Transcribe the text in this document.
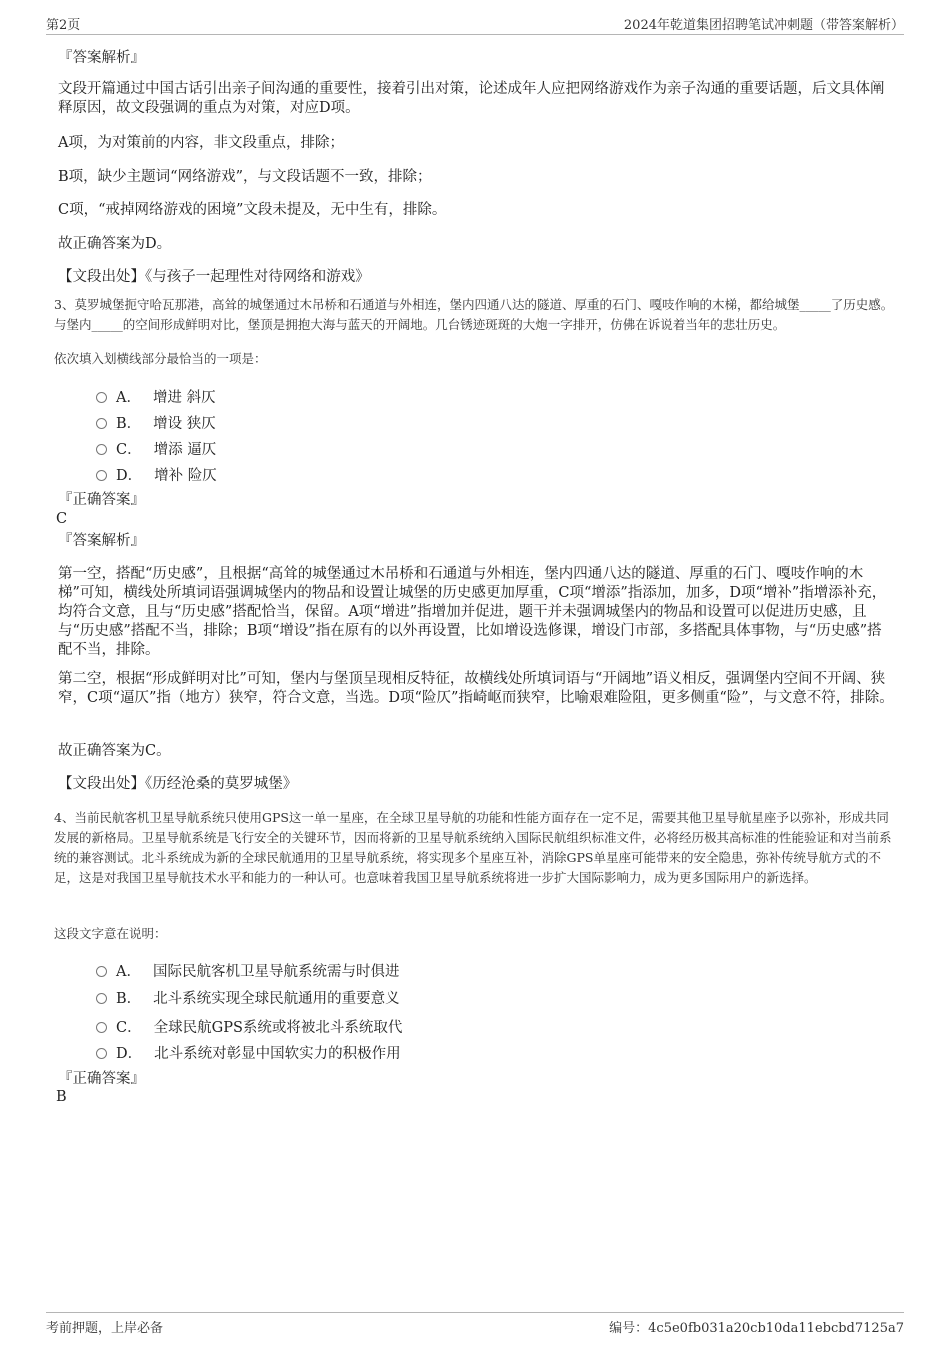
第2页	2024年乾道集团招聘笔试冲刺题（带答案解析）
『答案解析』
文段开篇通过中国古话引出亲子间沟通的重要性，接着引出对策，论述成年人应把网络游戏作为亲子沟通的重要话题，后文具体阐释原因，故文段强调的重点为对策，对应D项。
A项，为对策前的内容，非文段重点，排除；
B项，缺少主题词“网络游戏”，与文段话题不一致，排除；
C项，“戒掉网络游戏的困境”文段未提及，无中生有，排除。
故正确答案为D。
【文段出处】《与孩子一起理性对待网络和游戏》
3、莫罗城堡扼守哈瓦那港，高耸的城堡通过木吊桥和石通道与外相连，堡内四通八达的隧道、厚重的石门、嘎吱作响的木梯，都给城堡_____了历史感。与堡内_____的空间形成鲜明对比，堡顶是拥抱大海与蓝天的开阔地。几台锈迹斑斑的大炮一字排开，仿佛在诉说着当年的悲壮历史。
依次填入划横线部分最恰当的一项是：
A． 增进 斜仄
B． 增设 狭仄
C． 增添 逼仄
D． 增补 险仄
『正确答案』
C
『答案解析』
第一空，搭配“历史感”，且根据“高耸的城堡通过木吊桥和石通道与外相连，堡内四通八达的隧道、厚重的石门、嘎吱作响的木梯”可知，横线处所填词语强调城堡内的物品和设置让城堡的历史感更加厚重，C项“增添”指添加，加多，D项“增补”指增添补充，均符合文意，且与“历史感”搭配恰当，保留。A项“增进”指增加并促进，题干并未强调城堡内的物品和设置可以促进历史感，且与“历史感”搭配不当，排除；B项“增设”指在原有的以外再设置，比如增设选修课，增设门市部，多搭配具体事物，与“历史感”搭配不当，排除。
第二空，根据“形成鲜明对比”可知，堡内与堡顶呈现相反特征，故横线处所填词语与“开阔地”语义相反，强调堡内空间不开阔、狭窄，C项“逼仄”指（地方）狭窄，符合文意，当选。D项“险仄”指崎岖而狭窄，比喻艰难险阻，更多侧重“险”，与文意不符，排除。
故正确答案为C。
【文段出处】《历经沧桑的莫罗城堡》
4、当前民航客机卫星导航系统只使用GPS这一单一星座，在全球卫星导航的功能和性能方面存在一定不足，需要其他卫星导航星座予以弥补，形成共同发展的新格局。卫星导航系统是飞行安全的关键环节，因而将新的卫星导航系统纳入国际民航组织标准文件，必将经历极其高标准的性能验证和对当前系统的兼容测试。北斗系统成为新的全球民航通用的卫星导航系统，将实现多个星座互补，消除GPS单星座可能带来的安全隐患，弥补传统导航方式的不足，这是对我国卫星导航技术水平和能力的一种认可。也意味着我国卫星导航系统将进一步扩大国际影响力，成为更多国际用户的新选择。
这段文字意在说明：
A． 国际民航客机卫星导航系统需与时俱进
B． 北斗系统实现全球民航通用的重要意义
C． 全球民航GPS系统或将被北斗系统取代
D． 北斗系统对彰显中国软实力的积极作用
『正确答案』
B
考前押题，上岸必备	编号：4c5e0fb031a20cb10da11ebcbd7125a7
